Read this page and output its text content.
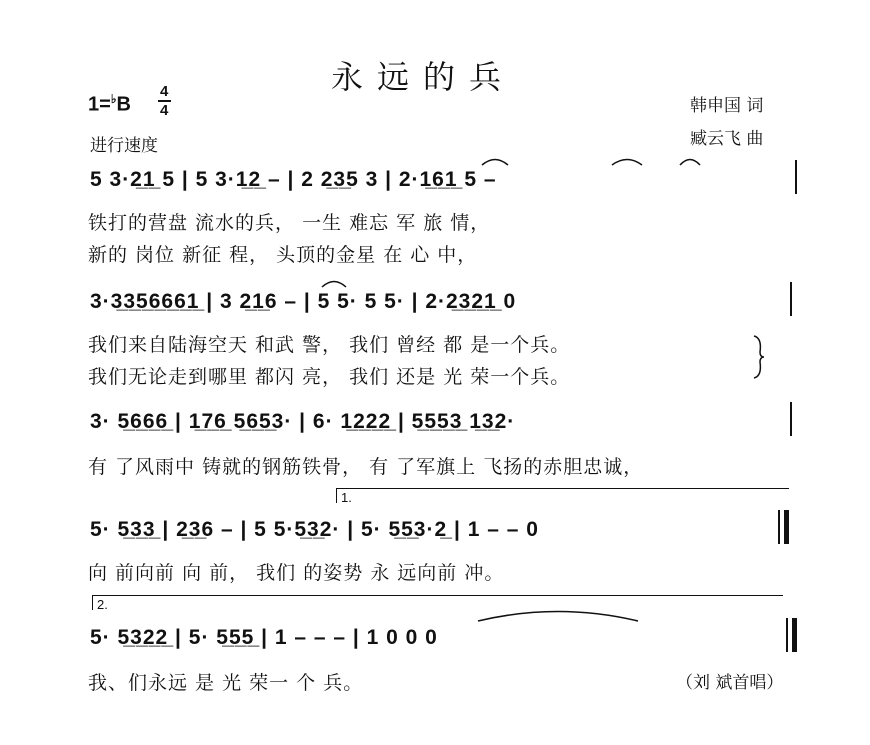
永远的兵
1=♭B
4
4
进行速度
韩申国 词
臧云飞 曲
5 3·2̲1̲ 5 | 5 3·1̲2̲ – | 2 2̲3̲5 3 | 2·1̲6̲1̲ 5 –
铁打的营盘 流水的兵， 一生 难忘 军 旅 情，
新的 岗位 新征 程， 头顶的金星 在 心 中，
3·3̲3̲5̲6̲6̲6̲1̲ | 3 2̲1̲6 – | 5 5· 5 5· | 2·2̲3̲2̲1̲ 0
我们来自陆海空天 和武 警， 我们 曾经 都 是一个兵。
我们无论走到哪里 都闪 亮， 我们 还是 光 荣一个兵。
3· 5̲6̲6̲6̲ | 1̲7̲6̲ 5̲6̲5̲3· | 6· 1̲2̲2̲2̲ | 5̲5̲5̲3̲ 1̲3̲2·
有 了风雨中 铸就的钢筋铁骨， 有 了军旗上 飞扬的赤胆忠诚，
1.
5· 5̲3̲3̲ | 2̲3̲6 – | 5 5·5̲3̲2· | 5· 5̲5̲3·2̲ | 1 – – 0
向 前向前 向 前， 我们 的姿势 永 远向前 冲。
2.
5· 5̲3̲2̲2̲ | 5· 5̲5̲5̲ | 1 – – – | 1 0 0 0
我、们永远 是 光 荣一 个 兵。	（刘 斌首唱）
